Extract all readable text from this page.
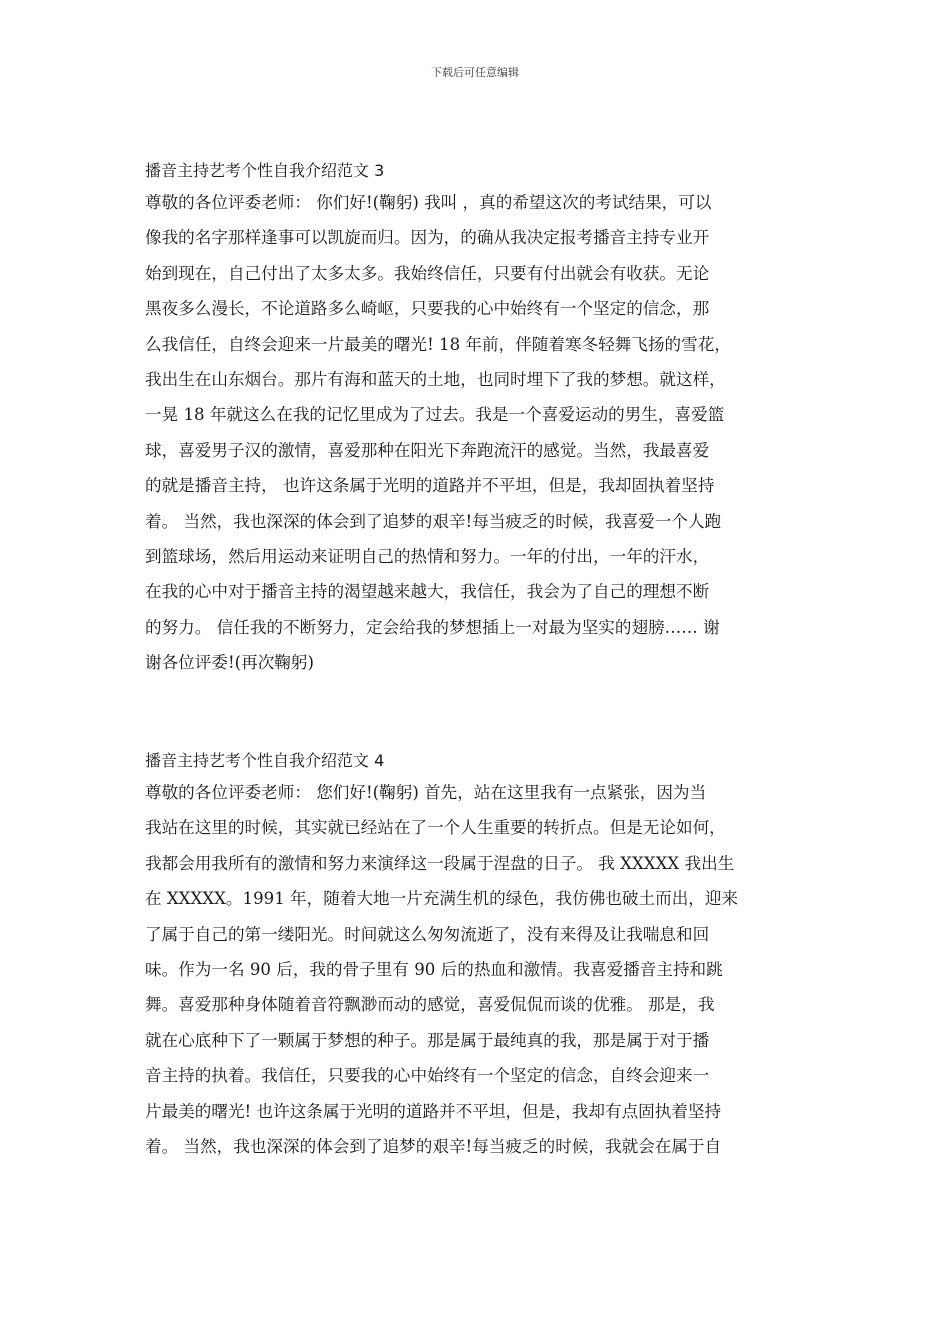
下载后可任意编辑
播音主持艺考个性自我介绍范文 3

尊敬的各位评委老师： 你们好!(鞠躬) 我叫 ，真的希望这次的考试结果，可以

像我的名字那样逢事可以凯旋而归。因为，的确从我决定报考播音主持专业开

始到现在，自己付出了太多太多。我始终信任，只要有付出就会有收获。无论

黑夜多么漫长，不论道路多么崎岖，只要我的心中始终有一个坚定的信念，那

么我信任，自终会迎来一片最美的曙光! 18 年前，伴随着寒冬轻舞飞扬的雪花，

我出生在山东烟台。那片有海和蓝天的土地，也同时埋下了我的梦想。就这样，

一晃 18 年就这么在我的记忆里成为了过去。我是一个喜爱运动的男生，喜爱篮

球，喜爱男子汉的激情，喜爱那种在阳光下奔跑流汗的感觉。当然，我最喜爱

的就是播音主持， 也许这条属于光明的道路并不平坦，但是，我却固执着坚持

着。 当然，我也深深的体会到了追梦的艰辛!每当疲乏的时候，我喜爱一个人跑

到篮球场，然后用运动来证明自己的热情和努力。一年的付出，一年的汗水，

在我的心中对于播音主持的渴望越来越大，我信任，我会为了自己的理想不断

的努力。 信任我的不断努力，定会给我的梦想插上一对最为坚实的翅膀…… 谢

谢各位评委!(再次鞠躬)

播音主持艺考个性自我介绍范文 4

尊敬的各位评委老师： 您们好!(鞠躬) 首先，站在这里我有一点紧张，因为当

我站在这里的时候，其实就已经站在了一个人生重要的转折点。但是无论如何，

我都会用我所有的激情和努力来演绎这一段属于涅盘的日子。 我 XXXXX 我出生

在 XXXXX。1991 年，随着大地一片充满生机的绿色，我仿佛也破土而出，迎来

了属于自己的第一缕阳光。时间就这么匆匆流逝了，没有来得及让我喘息和回

味。作为一名 90 后，我的骨子里有 90 后的热血和激情。我喜爱播音主持和跳

舞。喜爱那种身体随着音符飘渺而动的感觉，喜爱侃侃而谈的优雅。 那是，我

就在心底种下了一颗属于梦想的种子。那是属于最纯真的我，那是属于对于播

音主持的执着。我信任，只要我的心中始终有一个坚定的信念，自终会迎来一

片最美的曙光! 也许这条属于光明的道路并不平坦，但是，我却有点固执着坚持

着。 当然，我也深深的体会到了追梦的艰辛!每当疲乏的时候，我就会在属于自
